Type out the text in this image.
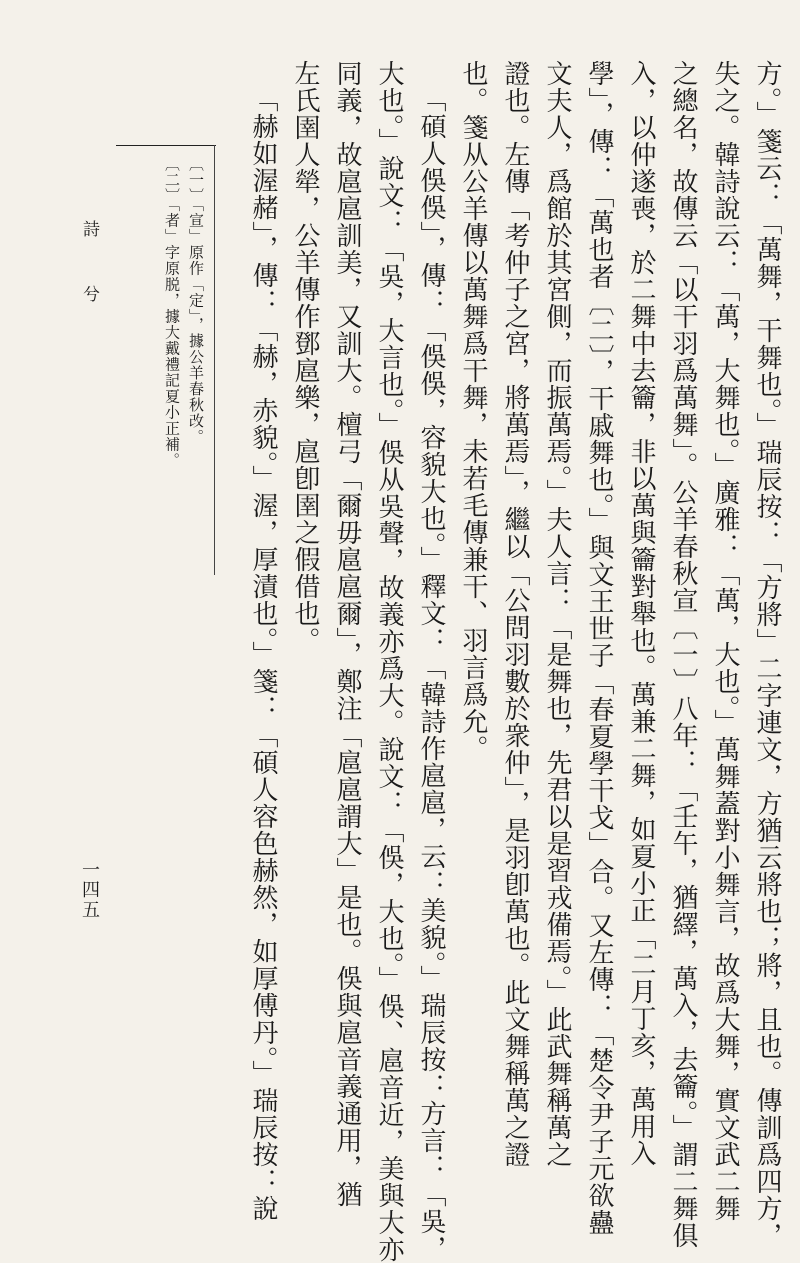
方。」箋云：「萬舞，干舞也。」瑞辰按：「方將」二字連文，方猶云將也；將，且也。傳訓爲四方，
失之。韓詩說云：「萬，大舞也。」廣雅：「萬，大也。」萬舞蓋對小舞言，故爲大舞，實文武二舞
之總名，故傳云「以干羽爲萬舞」。公羊春秋宣〔一〕八年：「壬午，猶繹，萬入，去籥。」謂二舞俱
入，以仲遂喪，於二舞中去籥，非以萬與籥對舉也。萬兼二舞，如夏小正「二月丁亥，萬用入
學」，傳：「萬也者〔二〕，干戚舞也。」與文王世子「春夏學干戈」合。又左傳：「楚令尹子元欲蠱
文夫人，爲館於其宮側，而振萬焉。」夫人言：「是舞也，先君以是習戎備焉。」此武舞稱萬之
證也。左傳「考仲子之宮，將萬焉」，繼以「公問羽數於衆仲」，是羽卽萬也。此文舞稱萬之證
也。箋从公羊傳以萬舞爲干舞，未若毛傳兼干、羽言爲允。
「碩人俁俁」，傳：「俁俁，容貌大也。」釋文：「韓詩作扈扈，云：美貌。」瑞辰按：方言：「吳，
大也。」說文：「吳，大言也。」俁从吳聲，故義亦爲大。說文：「俁，大也。」俁、扈音近，美與大亦
同義，故扈扈訓美，又訓大。檀弓「爾毋扈扈爾」，鄭注「扈扈謂大」是也。俁與扈音義通用，猶
左氏圉人犖，公羊傳作鄧扈樂，扈卽圉之假借也。
「赫如渥赭」，傳：「赫，赤貌。」渥，厚漬也。」箋：「碩人容色赫然，如厚傅丹。」瑞辰按：說
〔一〕「宣」原作「定」，據公羊春秋改。
〔二〕「者」字原脱，據大戴禮記夏小正補。
詩 兮
一四五
